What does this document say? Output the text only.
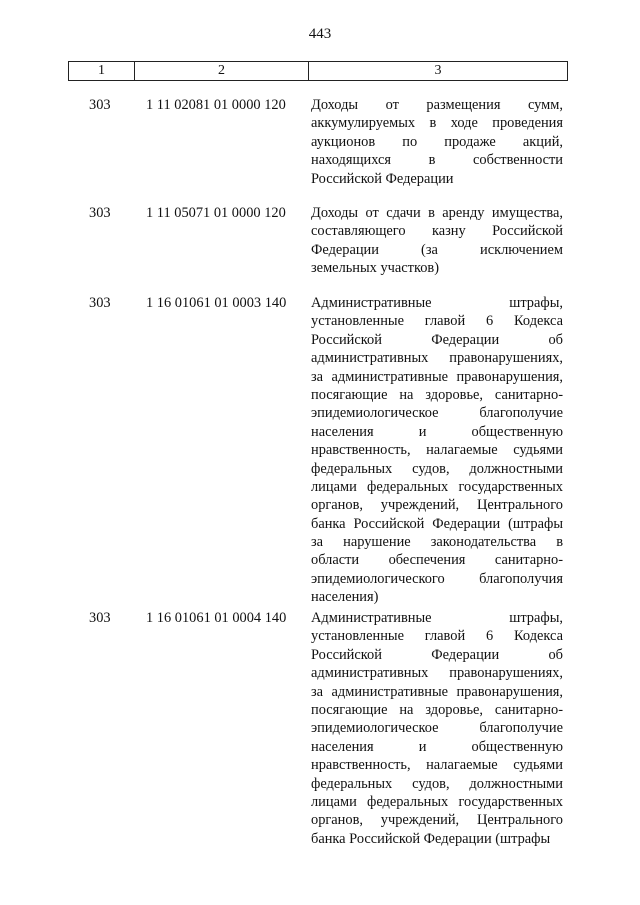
443
1	2	3
303 1 11 02081 01 0000 120 Доходы от размещения сумм,
аккумулируемых в ходе проведения
аукционов по продаже акций,
находящихся в собственности
Российской Федерации
303 1 11 05071 01 0000 120 Доходы от сдачи в аренду имущества,
составляющего казну Российской
Федерации (за исключением
земельных участков)
303 1 16 01061 01 0003 140 Административные штрафы,
установленные главой 6 Кодекса
Российской Федерации об
административных правонарушениях,
за административные правонарушения,
посягающие на здоровье, санитарно-
эпидемиологическое благополучие
населения и общественную
нравственность, налагаемые судьями
федеральных судов, должностными
лицами федеральных государственных
органов, учреждений, Центрального
банка Российской Федерации (штрафы
за нарушение законодательства в
области обеспечения санитарно-
эпидемиологического благополучия
населения)
303 1 16 01061 01 0004 140 Административные штрафы,
установленные главой 6 Кодекса
Российской Федерации об
административных правонарушениях,
за административные правонарушения,
посягающие на здоровье, санитарно-
эпидемиологическое благополучие
населения и общественную
нравственность, налагаемые судьями
федеральных судов, должностными
лицами федеральных государственных
органов, учреждений, Центрального
банка Российской Федерации (штрафы
